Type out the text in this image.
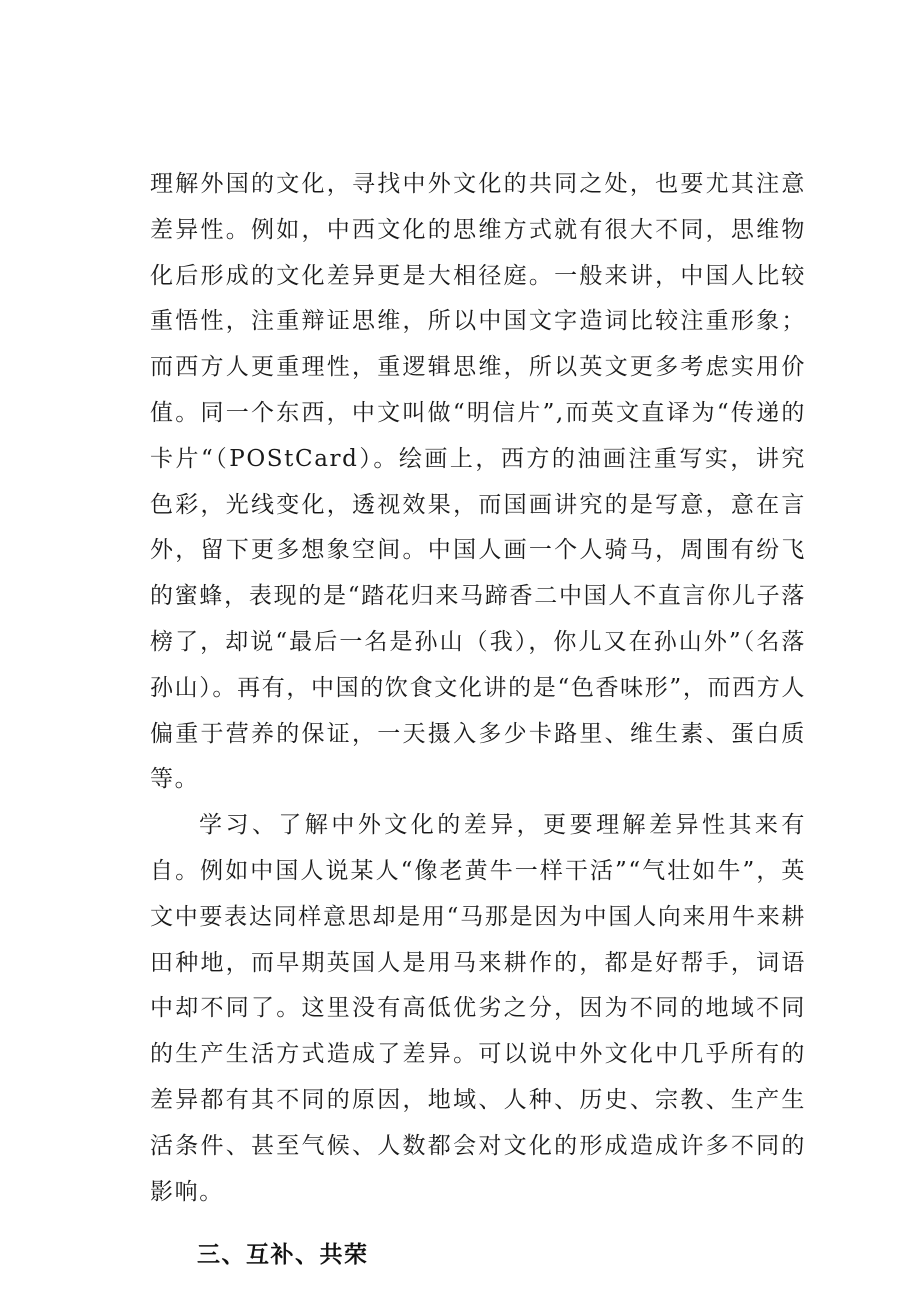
理解外国的文化，寻找中外文化的共同之处，也要尤其注意差异性。例如，中西文化的思维方式就有很大不同，思维物化后形成的文化差异更是大相径庭。一般来讲，中国人比较重悟性，注重辩证思维，所以中国文字造词比较注重形象；而西方人更重理性，重逻辑思维，所以英文更多考虑实用价值。同一个东西，中文叫做“明信片”,而英文直译为“传递的卡片“（POStCard）。绘画上，西方的油画注重写实，讲究色彩，光线变化，透视效果，而国画讲究的是写意，意在言外，留下更多想象空间。中国人画一个人骑马，周围有纷飞的蜜蜂，表现的是“踏花归来马蹄香二中国人不直言你儿子落榜了，却说“最后一名是孙山（我），你儿又在孙山外”（名落孙山）。再有，中国的饮食文化讲的是“色香味形”，而西方人偏重于营养的保证，一天摄入多少卡路里、维生素、蛋白质等。

学习、了解中外文化的差异，更要理解差异性其来有自。例如中国人说某人“像老黄牛一样干活”“气壮如牛”，英文中要表达同样意思却是用“马那是因为中国人向来用牛来耕田种地，而早期英国人是用马来耕作的，都是好帮手，词语中却不同了。这里没有高低优劣之分，因为不同的地域不同的生产生活方式造成了差异。可以说中外文化中几乎所有的差异都有其不同的原因，地域、人种、历史、宗教、生产生活条件、甚至气候、人数都会对文化的形成造成许多不同的影响。

三、互补、共荣
